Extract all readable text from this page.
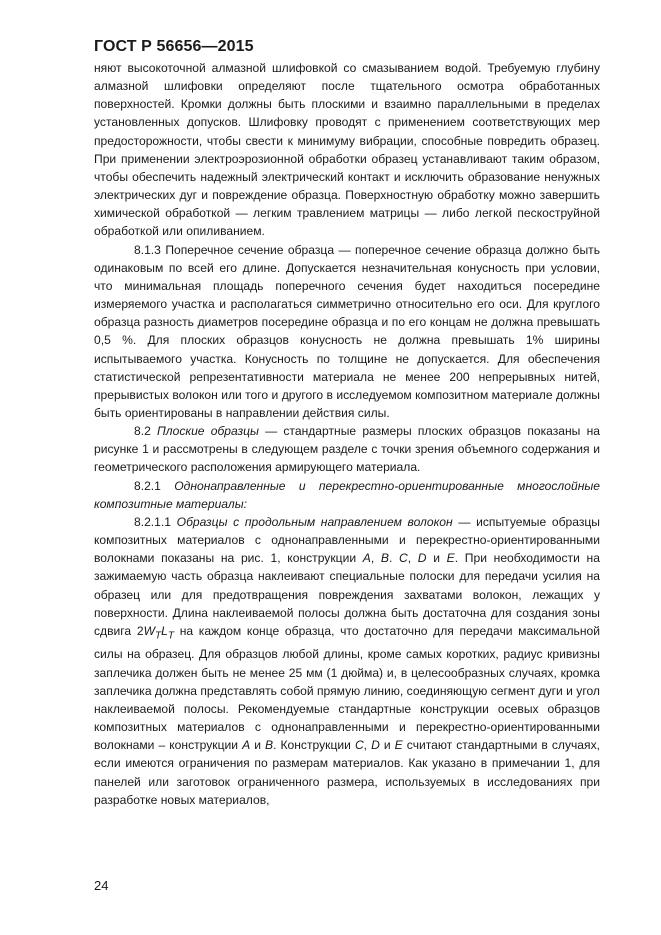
ГОСТ Р 56656—2015

няют высокоточной алмазной шлифовкой со смазыванием водой. Требуемую глубину алмазной шлифовки определяют после тщательного осмотра обработанных поверхностей. Кромки должны быть плоскими и взаимно параллельными в пределах установленных допусков. Шлифовку проводят с применением соответствующих мер предосторожности, чтобы свести к минимуму вибрации, способные повредить образец. При применении электроэрозионной обработки образец устанавливают таким образом, чтобы обеспечить надежный электрический контакт и исключить образование ненужных электрических дуг и повреждение образца. Поверхностную обработку можно завершить химической обработкой — легким травлением матрицы — либо легкой пескоструйной обработкой или опиливанием.

8.1.3 Поперечное сечение образца — поперечное сечение образца должно быть одинаковым по всей его длине. Допускается незначительная конусность при условии, что минимальная площадь поперечного сечения будет находиться посередине измеряемого участка и располагаться симметрично относительно его оси. Для круглого образца разность диаметров посередине образца и по его концам не должна превышать 0,5 %. Для плоских образцов конусность не должна превышать 1% ширины испытываемого участка. Конусность по толщине не допускается. Для обеспечения статистической репрезентативности материала не менее 200 непрерывных нитей, прерывистых волокон или того и другого в исследуемом композитном материале должны быть ориентированы в направлении действия силы.

8.2 Плоские образцы — стандартные размеры плоских образцов показаны на рисунке 1 и рассмотрены в следующем разделе с точки зрения объемного содержания и геометрического расположения армирующего материала.

8.2.1 Однонаправленные и перекрестно-ориентированные многослойные композитные материалы:

8.2.1.1 Образцы с продольным направлением волокон — испытуемые образцы композитных материалов с однонаправленными и перекрестно-ориентированными волокнами показаны на рис. 1, конструкции A, B. C, D и E. При необходимости на зажимаемую часть образца наклеивают специальные полоски для передачи усилия на образец или для предотвращения повреждения захватами волокон, лежащих у поверхности. Длина наклеиваемой полосы должна быть достаточна для создания зоны сдвига $2W_TL_T$ на каждом конце образца, что достаточно для передачи максимальной силы на образец. Для образцов любой длины, кроме самых коротких, радиус кривизны заплечика должен быть не менее 25 мм (1 дюйма) и, в целесообразных случаях, кромка заплечика должна представлять собой прямую линию, соединяющую сегмент дуги и угол наклеиваемой полосы. Рекомендуемые стандартные конструкции осевых образцов композитных материалов с однонаправленными и перекрестно-ориентированными волокнами – конструкции A и B. Конструкции C, D и E считают стандартными в случаях, если имеются ограничения по размерам материалов. Как указано в примечании 1, для панелей или заготовок ограниченного размера, используемых в исследованиях при разработке новых материалов,

24
